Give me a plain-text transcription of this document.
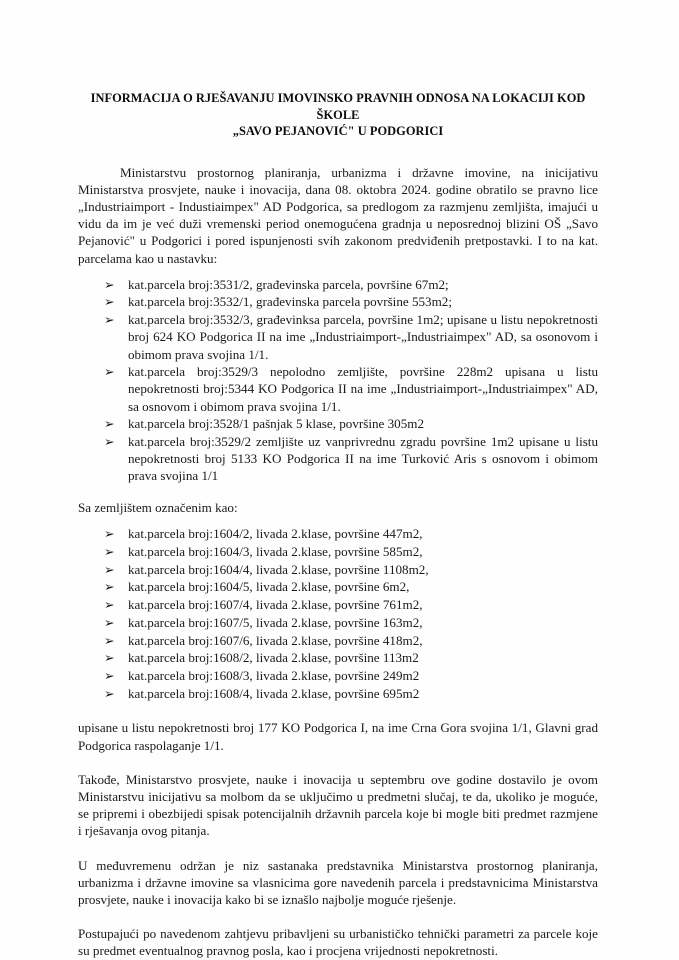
INFORMACIJA O RJEŠAVANJU IMOVINSKO PRAVNIH ODNOSA NA LOKACIJI KOD ŠKOLE
„SAVO PEJANOVIĆ" U PODGORICI

Ministarstvu prostornog planiranja, urbanizma i državne imovine, na inicijativu Ministarstva prosvjete, nauke i inovacija, dana 08. oktobra 2024. godine obratilo se pravno lice „Industriaimport - Industiaimpex" AD Podgorica, sa predlogom za razmjenu zemljišta, imajući u vidu da im je već duži vremenski period onemogućena gradnja u neposrednoj blizini OŠ „Savo Pejanović" u Podgorici i pored ispunjenosti svih zakonom predviđenih pretpostavki. I to na kat. parcelama kao u nastavku:

➢	kat.parcela broj:3531/2, građevinska parcela, površine 67m2;
➢	kat.parcela broj:3532/1, građevinska parcela površine 553m2;
➢	kat.parcela broj:3532/3, građevinksa parcela, površine 1m2; upisane u listu nepokretnosti broj 624 KO Podgorica II na ime „Industriaimport-„Industriaimpex" AD, sa osonovom i obimom prava svojina 1/1.
➢	kat.parcela broj:3529/3 nepolodno zemljište, površine 228m2 upisana u listu nepokretnosti broj:5344 KO Podgorica II na ime „Industriaimport-„Industriaimpex" AD, sa osnovom i obimom prava svojina 1/1.
➢	kat.parcela broj:3528/1 pašnjak 5 klase, površine 305m2
➢	kat.parcela broj:3529/2 zemljište uz vanprivrednu zgradu površine 1m2 upisane u listu nepokretnosti broj 5133 KO Podgorica II na ime Turković Aris s osnovom i obimom prava svojina 1/1

Sa zemljištem označenim kao:

➢	kat.parcela broj:1604/2, livada 2.klase, površine 447m2,
➢	kat.parcela broj:1604/3, livada 2.klase, površine 585m2,
➢	kat.parcela broj:1604/4, livada 2.klase, površine 1108m2,
➢	kat.parcela broj:1604/5, livada 2.klase, površine 6m2,
➢	kat.parcela broj:1607/4, livada 2.klase, površine 761m2,
➢	kat.parcela broj:1607/5, livada 2.klase, površine 163m2,
➢	kat.parcela broj:1607/6, livada 2.klase, površine 418m2,
➢	kat.parcela broj:1608/2, livada 2.klase, površine 113m2
➢	kat.parcela broj:1608/3, livada 2.klase, površine 249m2
➢	kat.parcela broj:1608/4, livada 2.klase, površine 695m2

upisane u listu nepokretnosti broj 177 KO Podgorica I, na ime Crna Gora svojina 1/1, Glavni grad Podgorica raspolaganje 1/1.

Takođe, Ministarstvo prosvjete, nauke i inovacija u septembru ove godine dostavilo je ovom Ministarstvu inicijativu sa molbom da se uključimo u predmetni slučaj, te da, ukoliko je moguće, se pripremi i obezbijedi spisak potencijalnih državnih parcela koje bi mogle biti predmet razmjene i rješavanja ovog pitanja.

U međuvremenu održan je niz sastanaka predstavnika Ministarstva prostornog planiranja, urbanizma i državne imovine sa vlasnicima gore navedenih parcela i predstavnicima Ministarstva prosvjete, nauke i inovacija kako bi se iznašlo najbolje moguće rješenje.

Postupajući po navedenom zahtjevu pribavljeni su urbanističko tehnički parametri za parcele koje su predmet eventualnog pravnog posla, kao i procjena vrijednosti nepokretnosti.
